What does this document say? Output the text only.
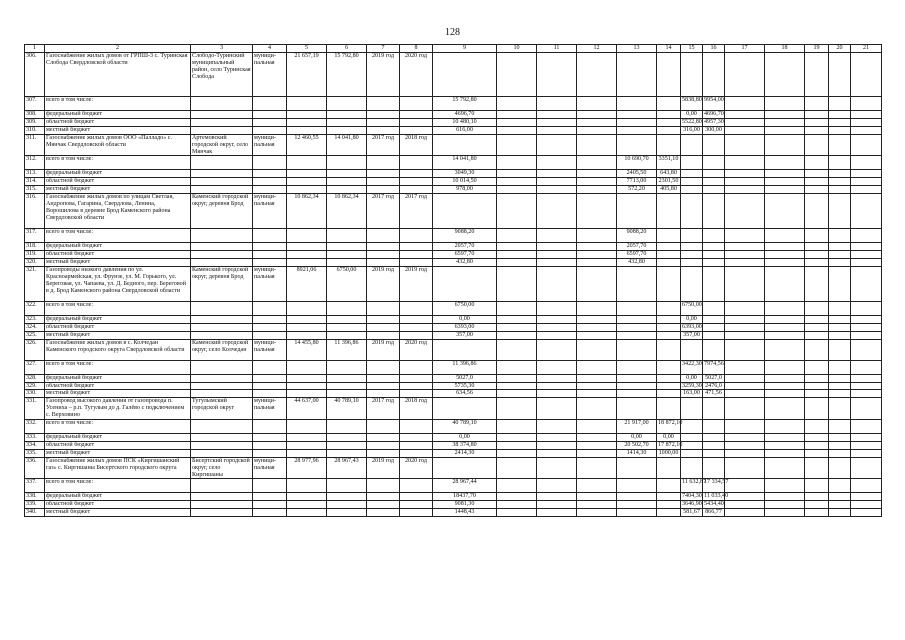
128
1	2	3	4	5	6	7	8	9	10	11	12	13	14	15	16	17	18	19	20	21
306.	Газоснабжение жилых домов от ГРПШ-3 с. Туринская Слобода Свердловской области	Слободо-Туринский муниципальный район, село Туринская Слобода	муници-пальная	21 657,19	15 792,80	2019 год	2020 год													
307.	всего в том числе:							15 792,80						5838,80	9954,00					
308.	федеральный бюджет							4696,70						0,00	4696,70					
309.	областной бюджет							10 480,10						5522,80	4957,30					
310.	местный бюджет							616,00						316,00	300,00					
311.	Газоснабжение жилых домов ООО «Палладо» с. Мянчак Свердловской области	Артемовский городской округ, село Мянчак	муници-пальная	12 460,55	14 041,80	2017 год	2018 год													
312.	всего в том числе:							14 041,80				10 690,70	3351,10							
313.	федеральный бюджет							3049,30				2405,50	643,80							
314.	областной бюджет							10 014,50				7713,00	2301,50							
315.	местный бюджет							978,00				572,20	405,80							
316.	Газоснабжение жилых домов по улицам Светлая, Андропова, Гагарина, Свердлова, Ленина, Ворошилова в деревне Брод Каменского района Свердловской области	Каменский городской округ, деревня Брод	муници-пальная	10 862,34	10 862,34	2017 год	2017 год													
317.	всего в том числе:							9088,20				9088,20								
318.	федеральный бюджет							2057,70				2057,70								
319.	областной бюджет							6597,70				6597,70								
320.	местный бюджет							432,80				432,80								
321.	Газопроводы низкого давления по ул. Красноармейская, ул. Фрунзе, ул. М. Горького, ул. Береговая, ул. Чапаева, ул. Д. Бедного, пер. Береговой в д. Брод Каменского района Свердловской области	Каменский городской округ, деревня Брод	муници-пальная	8921,06	6750,00	2019 год	2019 год													
322.	всего в том числе:							6750,00						6750,00						
323.	федеральный бюджет							0,00						0,00						
324.	областной бюджет							6393,00						6393,00						
325.	местный бюджет							357,00						357,00						
326.	Газоснабжение жилых домов в с. Колчедан Каменского городского округа Свердловской области	Каменский городской округ, село Колчедан	муници-пальная	14 455,80	11 396,86	2019 год	2020 год													
327.	всего в том числе:							11 396,86						3422,30	7974,56					
328.	федеральный бюджет							5027,0						0,00	5027,0					
329.	областной бюджет							5735,30						3259,30	2476,0					
330.	местный бюджет							634,56						163,00	471,56					
331.	Газопровод высокого давления от газопровода п. Усениха – р.п. Тугулым до д. Галёво с подключением с. Верховино	Тугулымский городской округ	муници-пальная	44 637,00	40 789,10	2017 год	2018 год													
332.	всего в том числе:							40 789,10				21 917,00	18 872,10							
333.	федеральный бюджет							0,00				0,00	0,00							
334.	областной бюджет							38 374,80				20 502,70	17 872,10							
335.	местный бюджет							2414,30				1414,30	1000,00							
336.	Газоснабжение жилых домов ПСК «Киргишанский газ» с. Киргишаны Бисертского городского округа	Бисертский городской округ, село Киргишаны	муници-пальная	28 977,96	28 967,43	2019 год	2020 год													
337.	всего в том числе:							28 967,44						11 632,87	17 334,57					
338.	федеральный бюджет							18437,70						7404,30	11 033,40					
339.	областной бюджет							9081,30						3646,90	5434,40					
340.	местный бюджет							1448,43						581,67	866,77					
